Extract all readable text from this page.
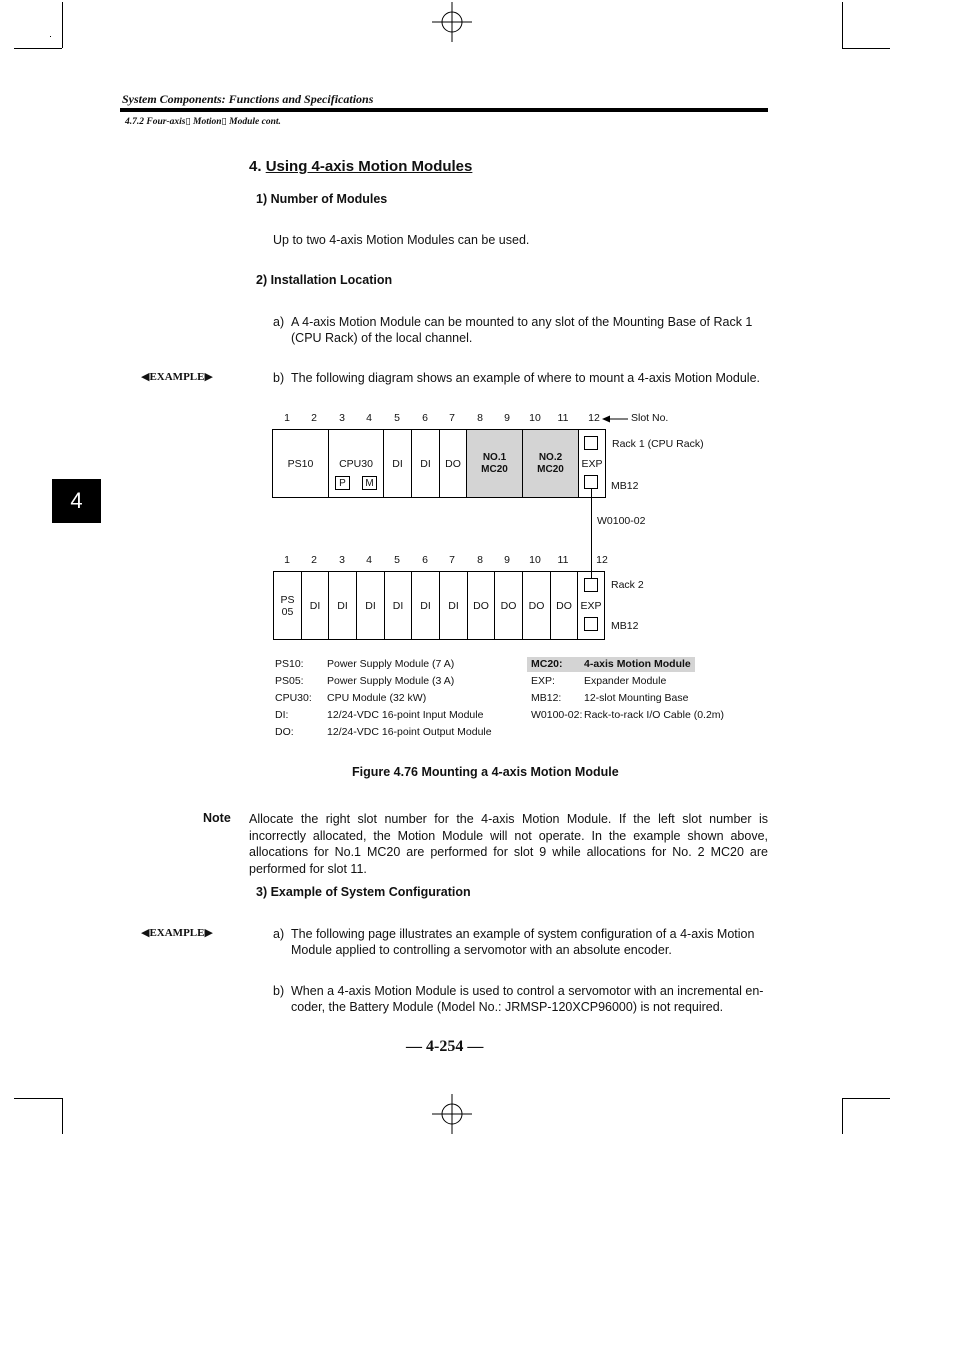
System Components: Functions and Specifications
4.7.2 Four-axis▯ Motion▯ Module cont.
4
4. Using 4-axis Motion Modules
1) Number of Modules
Up to two 4-axis Motion Modules can be used.
2) Installation Location
a) A 4-axis Motion Module can be mounted to any slot of the Mounting Base of Rack 1
(CPU Rack) of the local channel.
◀EXAMPLE▶	b) The following diagram shows an example of where to mount a 4-axis Motion Module.
1	2	3	4	5	6	7	8	9	10	11	12	Slot No.
PS10 CPU30
P	M
DI DI DO
NO.1
MC20
NO.2
MC20 EXP
Rack 1 (CPU Rack)
MB12
W0100-02
1	2	3	4	5	6	7	8	9	10	11	12
PS
05 DI DI DI DI DI DI DO DO DO DO EXP
Rack 2
MB12
PS10: Power Supply Module (7 A)
PS05: Power Supply Module (3 A)
CPU30: CPU Module (32 kW)
DI:	12/24-VDC 16-point Input Module
DO:	12/24-VDC 16-point Output Module
MC20: 4-axis Motion Module
EXP:	Expander Module
MB12: 12-slot Mounting Base
W0100-02: Rack-to-rack I/O Cable (0.2m)
Figure 4.76 Mounting a 4-axis Motion Module
Note Allocate the right slot number for the 4-axis Motion Module. If the left slot number is incorrectly allocated, the Motion Module will not operate. In the example shown above, allocations for No.1 MC20 are performed for slot 9 while allocations for No. 2 MC20 are performed for slot 11.
3) Example of System Configuration
◀EXAMPLE▶	a) The following page illustrates an example of system configuration of a 4-axis Motion
Module applied to controlling a servomotor with an absolute encoder.
b) When a 4-axis Motion Module is used to control a servomotor with an incremental en-
coder, the Battery Module (Model No.: JRMSP-120XCP96000) is not required.
— 4-254 —
